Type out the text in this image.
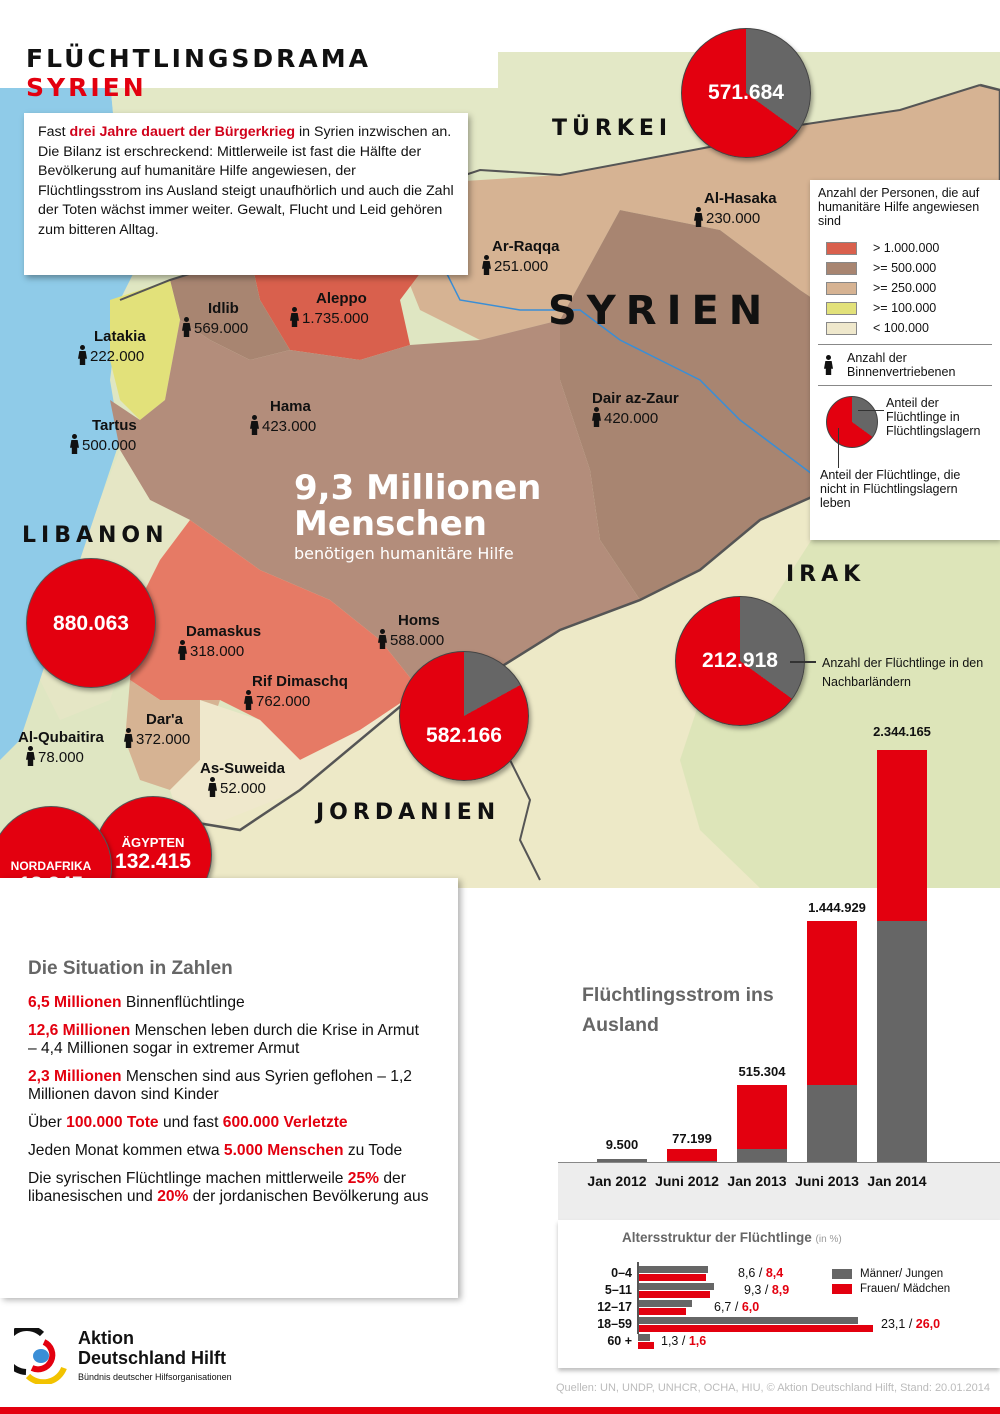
FLÜCHTLINGSDRAMA SYRIEN
Fast drei Jahre dauert der Bürgerkrieg in Syrien inzwischen an. Die Bilanz ist erschreckend: Mittlerweile ist fast die Hälfte der Bevölkerung auf humanitäre Hilfe angewiesen, der Flüchtlingsstrom ins Ausland steigt unaufhörlich und auch die Zahl der Toten wächst immer weiter. Gewalt, Flucht und Leid gehören zum bitteren Alltag.
TÜRKEI
SYRIEN
LIBANON
IRAK
JORDANIEN
Aleppo
1.735.000
Idlib
569.000
Latakia
222.000
Tartus
500.000
Hama
423.000
Ar-Raqqa
251.000
Al-Hasaka
230.000
Dair az-Zaur
420.000
Homs
588.000
Damaskus
318.000
Rif Dimaschq
762.000
Dar'a
372.000
Al-Qubaitira
78.000
As-Suweida
52.000
9,3 Millionen
Menschen
benötigen humanitäre Hilfe
571.684
880.063
212.918	Anzahl der Flüchtlinge in den Nachbarländern
582.166
ÄGYPTEN
132.415
NORDAFRIKA
Anzahl der Personen, die auf humanitäre Hilfe angewiesen sind
> 1.000.000
>= 500.000
>= 250.000
>= 100.000
< 100.000
Anzahl der Binnenvertriebenen
Anteil der Flüchtlinge in Flüchtlingslagern
Anteil der Flüchtlinge, die nicht in Flüchtlingslagern leben
Die Situation in Zahlen

6,5 Millionen Binnenflüchtlinge

12,6 Millionen Menschen leben durch die Krise in Armut – 4,4 Millionen sogar in extremer Armut

2,3 Millionen Menschen sind aus Syrien geflohen – 1,2 Millionen davon sind Kinder

Über 100.000 Tote und fast 600.000 Verletzte

Jeden Monat kommen etwa 5.000 Menschen zu Tode

Die syrischen Flüchtlinge machen mittlerweile 25% der libanesischen und 20% der jordanischen Bevölkerung aus

Flüchtlingsstrom ins Ausland
9.500	77.199
515.304
1.444.929
2.344.165
Jan 2012 Juni 2012 Jan 2013 Juni 2013 Jan 2014
Altersstruktur der Flüchtlinge (in %)
0–4	8,6 / 8,4
5–11	9,3 / 8,9
12–17	6,7 / 6,0
18–59	23,1 / 26,0
60 + 1,3 / 1,6
Männer/ Jungen
Frauen/ Mädchen
Aktion
Deutschland Hilft
Bündnis deutscher Hilfsorganisationen
Quellen: UN, UNDP, UNHCR, OCHA, HIU, © Aktion Deutschland Hilft, Stand: 20.01.2014
